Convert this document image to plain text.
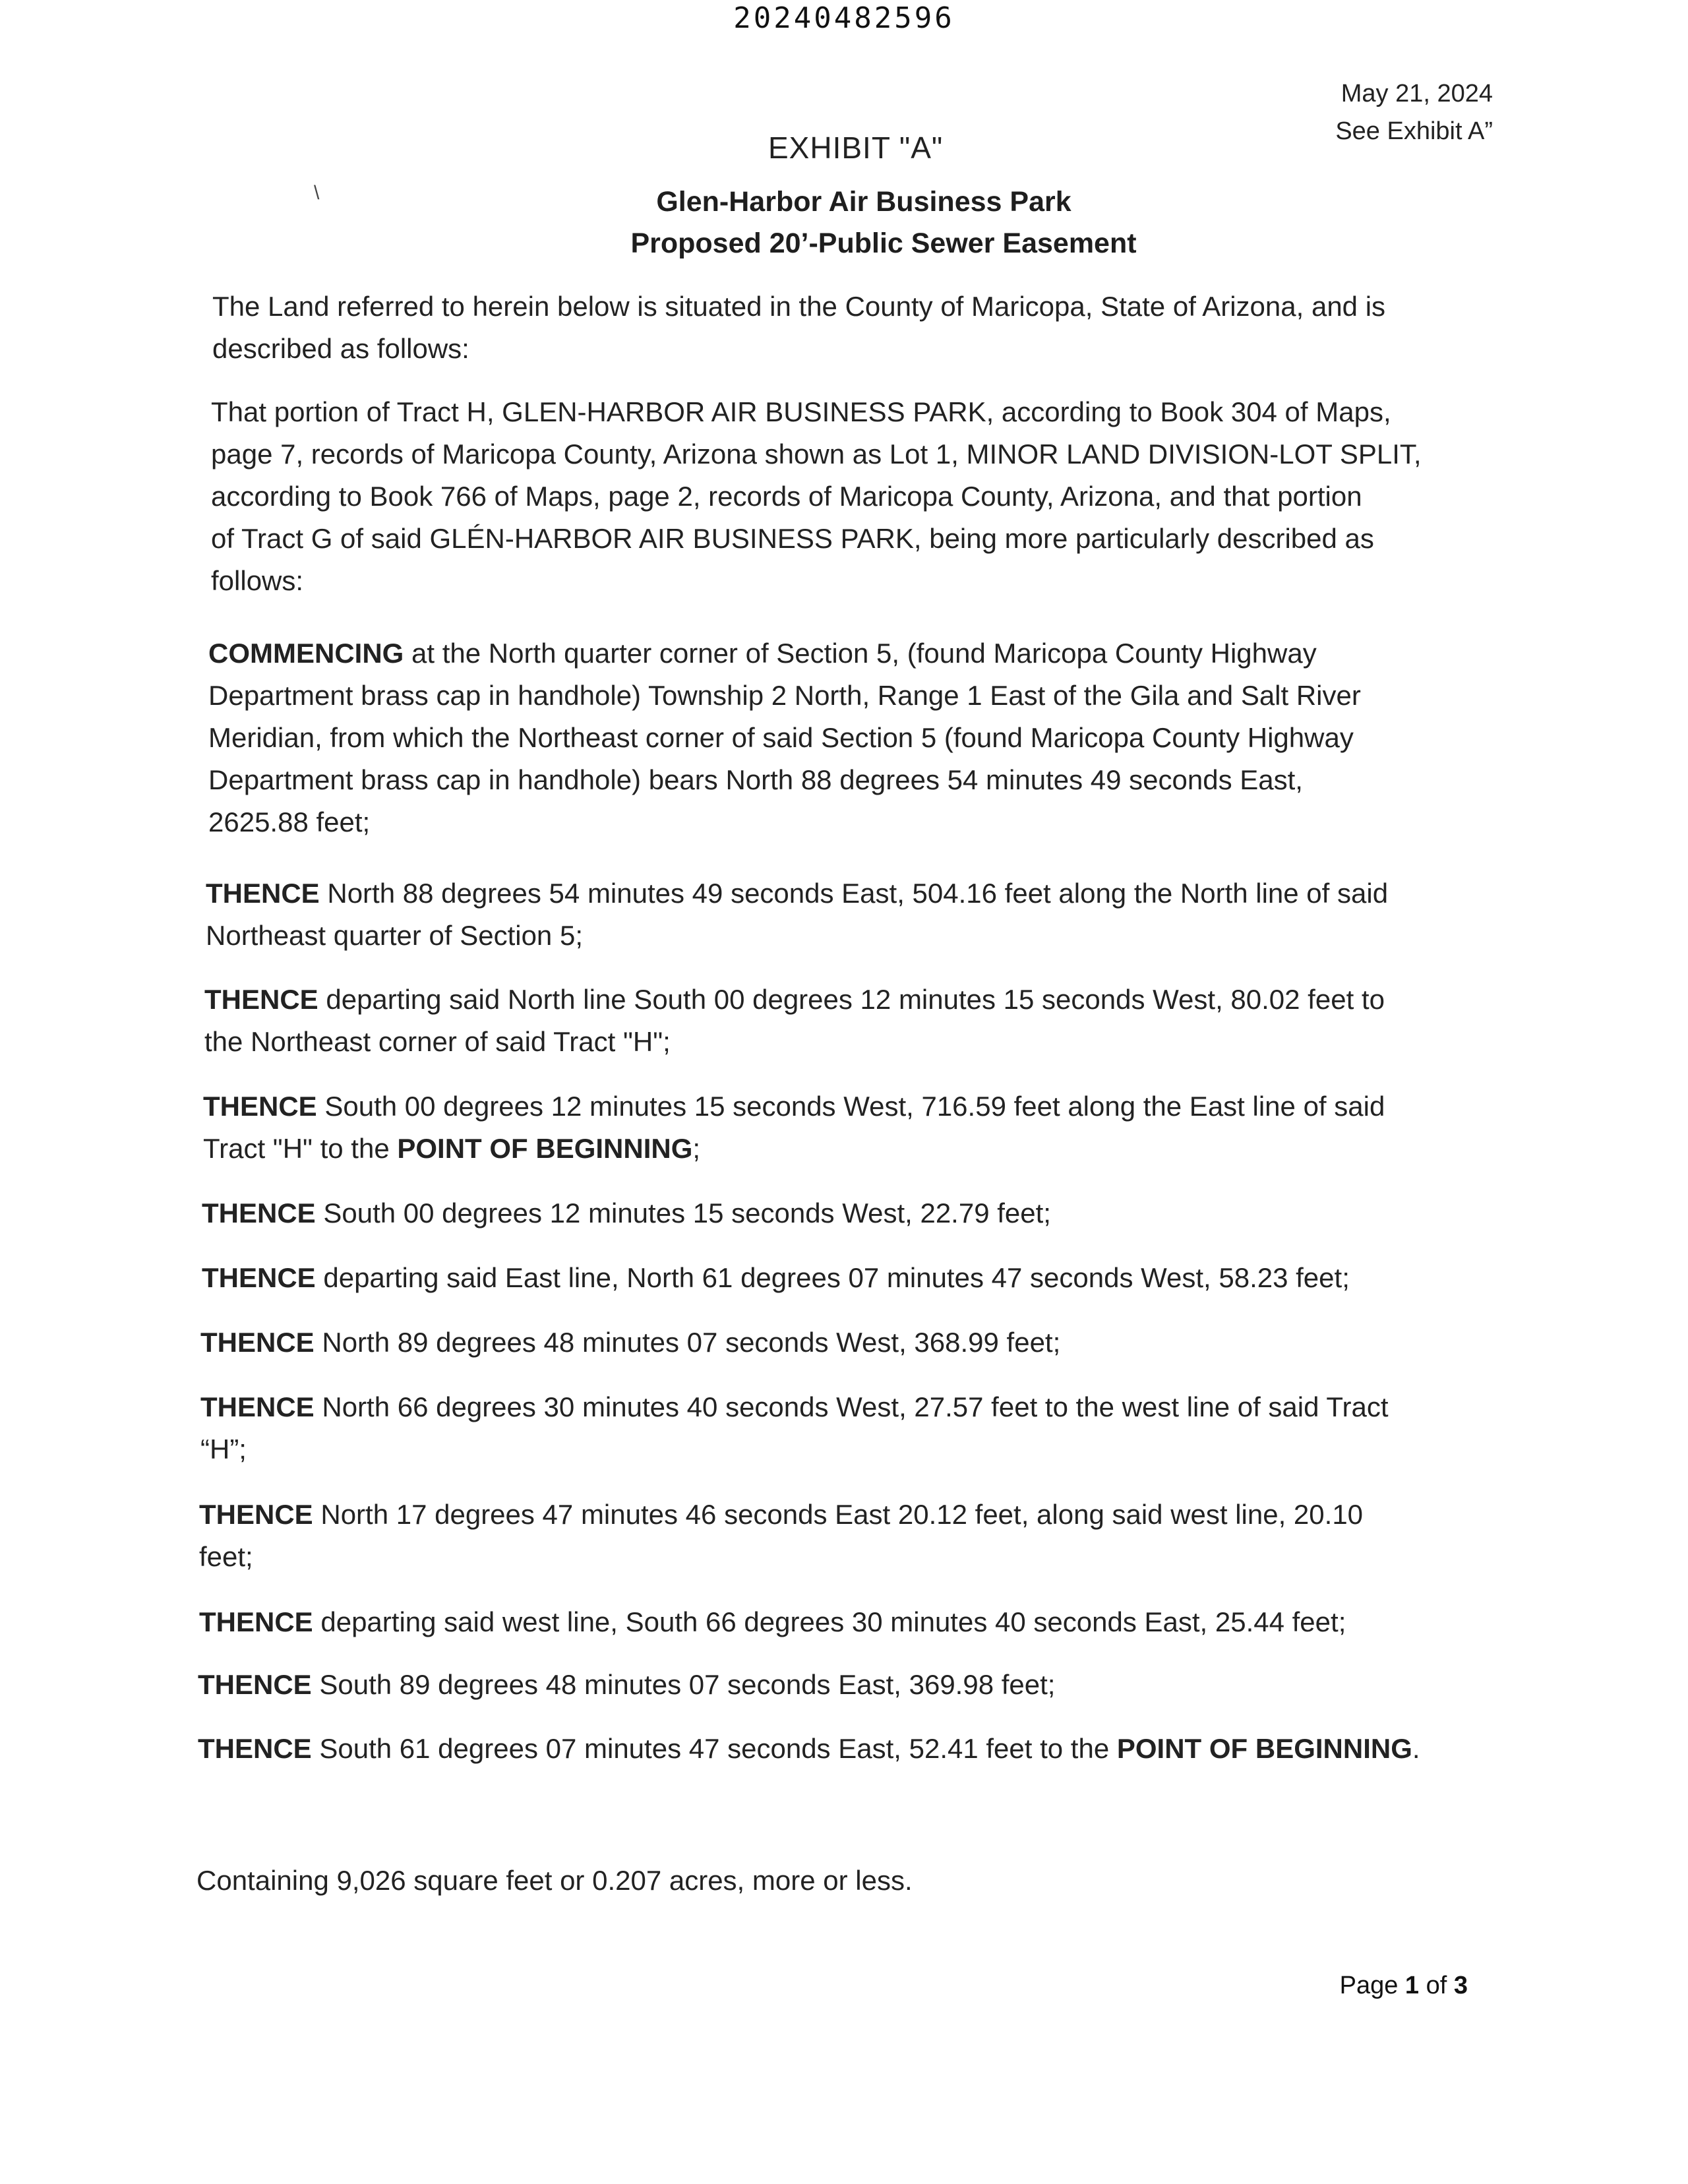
20240482596
May 21, 2024
See Exhibit A”
EXHIBIT "A"
\	Glen-Harbor Air Business Park
Proposed 20’-Public Sewer Easement
The Land referred to herein below is situated in the County of Maricopa, State of Arizona, and is
described as follows:
That portion of Tract H, GLEN-HARBOR AIR BUSINESS PARK, according to Book 304 of Maps,
page 7, records of Maricopa County, Arizona shown as Lot 1, MINOR LAND DIVISION-LOT SPLIT,
according to Book 766 of Maps, page 2, records of Maricopa County, Arizona, and that portion
of Tract G of said GLÉN-HARBOR AIR BUSINESS PARK, being more particularly described as
follows:
COMMENCING at the North quarter corner of Section 5, (found Maricopa County Highway
Department brass cap in handhole) Township 2 North, Range 1 East of the Gila and Salt River
Meridian, from which the Northeast corner of said Section 5 (found Maricopa County Highway
Department brass cap in handhole) bears North 88 degrees 54 minutes 49 seconds East,
2625.88 feet;
THENCE North 88 degrees 54 minutes 49 seconds East, 504.16 feet along the North line of said
Northeast quarter of Section 5;
THENCE departing said North line South 00 degrees 12 minutes 15 seconds West, 80.02 feet to
the Northeast corner of said Tract "H";
THENCE South 00 degrees 12 minutes 15 seconds West, 716.59 feet along the East line of said
Tract "H" to the POINT OF BEGINNING;
THENCE South 00 degrees 12 minutes 15 seconds West, 22.79 feet;
THENCE departing said East line, North 61 degrees 07 minutes 47 seconds West, 58.23 feet;
THENCE North 89 degrees 48 minutes 07 seconds West, 368.99 feet;
THENCE North 66 degrees 30 minutes 40 seconds West, 27.57 feet to the west line of said Tract
“H”;
THENCE North 17 degrees 47 minutes 46 seconds East 20.12 feet, along said west line, 20.10
feet;
THENCE departing said west line, South 66 degrees 30 minutes 40 seconds East, 25.44 feet;
THENCE South 89 degrees 48 minutes 07 seconds East, 369.98 feet;
THENCE South 61 degrees 07 minutes 47 seconds East, 52.41 feet to the POINT OF BEGINNING.
Containing 9,026 square feet or 0.207 acres, more or less.
Page 1 of 3
